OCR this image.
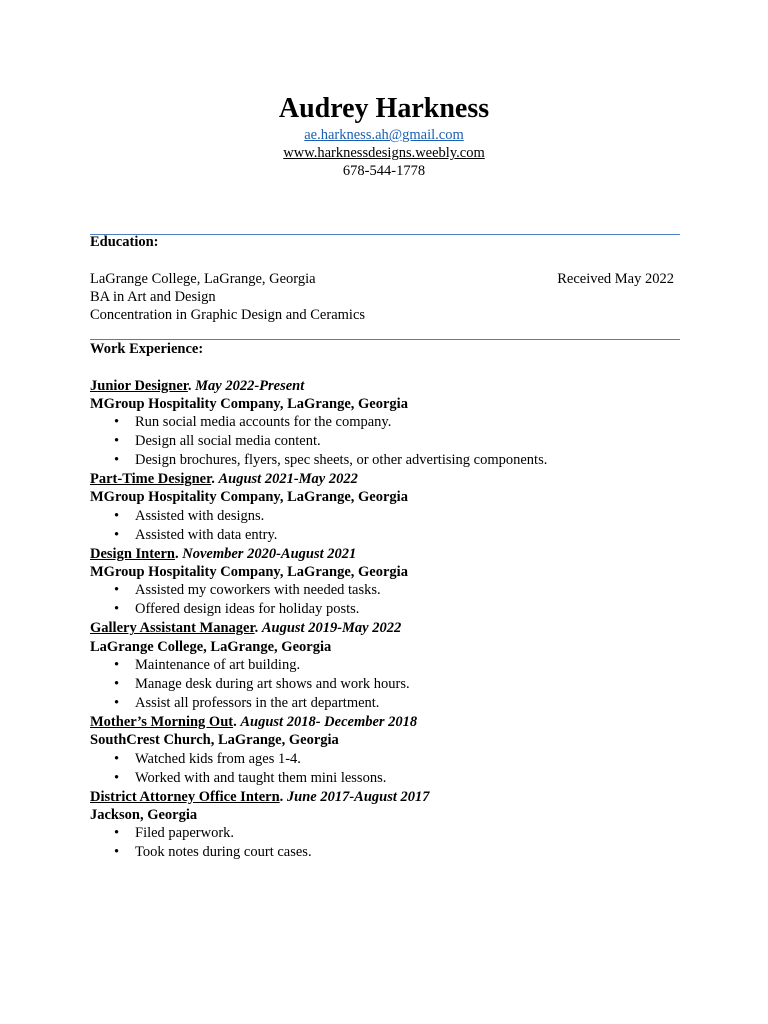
Audrey Harkness
ae.harkness.ah@gmail.com
www.harknessdesigns.weebly.com
678-544-1778
Education:
LaGrange College, LaGrange, Georgia	Received May 2022
BA in Art and Design
Concentration in Graphic Design and Ceramics
Work Experience:
Junior Designer. May 2022-Present
MGroup Hospitality Company, LaGrange, Georgia
• Run social media accounts for the company.
• Design all social media content.
• Design brochures, flyers, spec sheets, or other advertising components.
Part-Time Designer. August 2021-May 2022
MGroup Hospitality Company, LaGrange, Georgia
• Assisted with designs.
• Assisted with data entry.
Design Intern. November 2020-August 2021
MGroup Hospitality Company, LaGrange, Georgia
• Assisted my coworkers with needed tasks.
• Offered design ideas for holiday posts.
Gallery Assistant Manager. August 2019-May 2022
LaGrange College, LaGrange, Georgia
• Maintenance of art building.
• Manage desk during art shows and work hours.
• Assist all professors in the art department.
Mother’s Morning Out. August 2018- December 2018
SouthCrest Church, LaGrange, Georgia
• Watched kids from ages 1-4.
• Worked with and taught them mini lessons.
District Attorney Office Intern. June 2017-August 2017
Jackson, Georgia
• Filed paperwork.
• Took notes during court cases.
